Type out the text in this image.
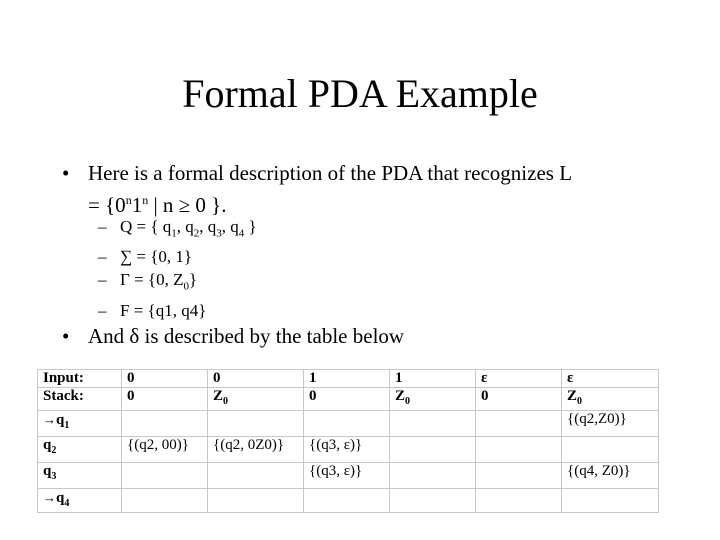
Formal PDA Example
• Here is a formal description of the PDA that recognizes L
= {$0^n1^n$ | n ≥ 0 }.
– Q = { $q_1$, $q_2$, $q_3$, $q_4$ }
– ∑ = {0, 1}
– Γ = {0, $Z_0$}
– F = {q1, q4}
• And δ is described by the table below
Input:	0	0	1	1	ε	ε
Stack:	0	$Z_0$	0	$Z_0$	0	$Z_0$
$\to q_1$						{(q2,Z0)}
$q_2$	{(q2, 00)}	{(q2, 0Z0)}	{(q3, ε)}			
$q_3$			{(q3, ε)}			{(q4, Z0)}
$\to q_4$						
